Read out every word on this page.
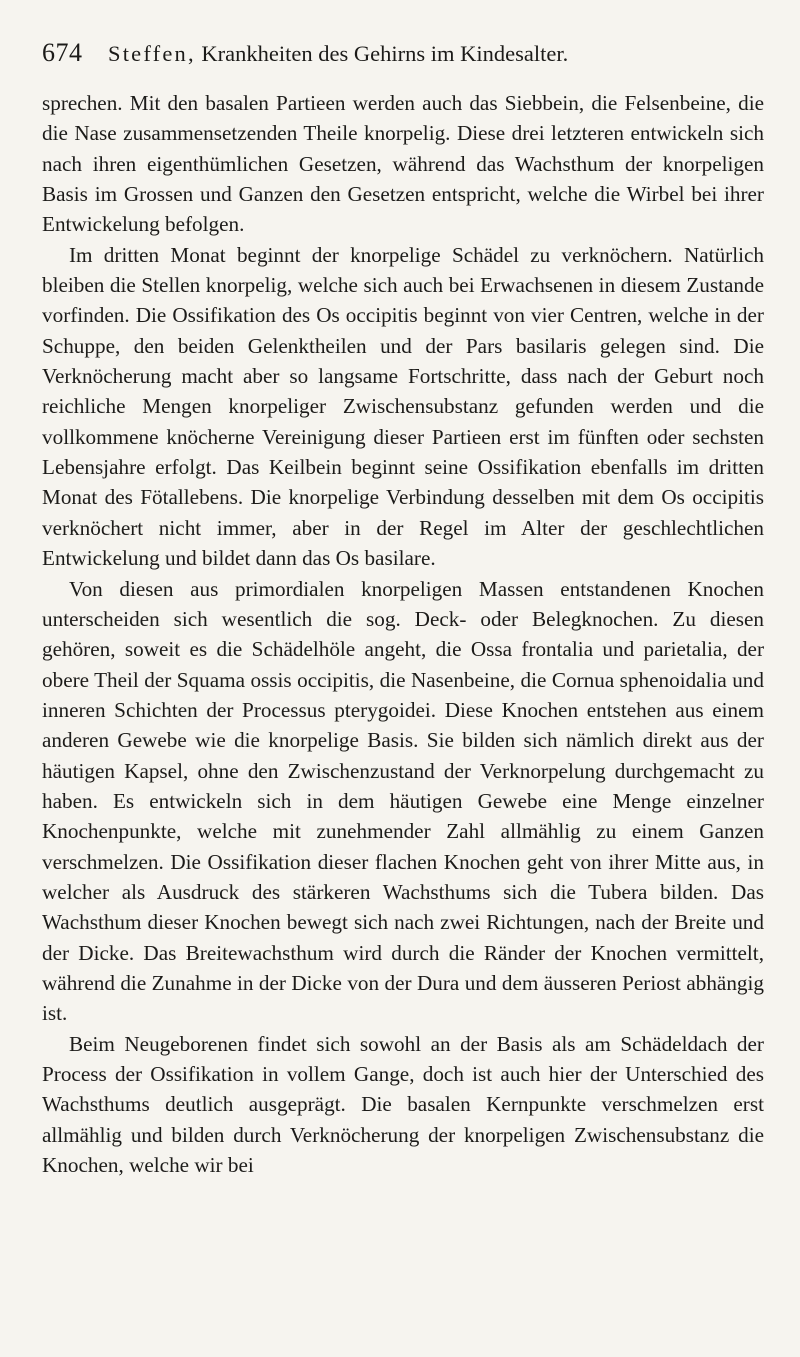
674	Steffen, Krankheiten des Gehirns im Kindesalter.

sprechen. Mit den basalen Partieen werden auch das Siebbein, die Felsenbeine, die die Nase zusammensetzenden Theile knorpelig. Diese drei letzteren entwickeln sich nach ihren eigenthümlichen Gesetzen, während das Wachsthum der knorpeligen Basis im Grossen und Ganzen den Gesetzen entspricht, welche die Wirbel bei ihrer Entwickelung befolgen.

Im dritten Monat beginnt der knorpelige Schädel zu verknöchern. Natürlich bleiben die Stellen knorpelig, welche sich auch bei Erwachsenen in diesem Zustande vorfinden. Die Ossifikation des Os occipitis beginnt von vier Centren, welche in der Schuppe, den beiden Gelenktheilen und der Pars basilaris gelegen sind. Die Verknöcherung macht aber so langsame Fortschritte, dass nach der Geburt noch reichliche Mengen knorpeliger Zwischensubstanz gefunden werden und die vollkommene knöcherne Vereinigung dieser Partieen erst im fünften oder sechsten Lebensjahre erfolgt. Das Keilbein beginnt seine Ossifikation ebenfalls im dritten Monat des Fötallebens. Die knorpelige Verbindung desselben mit dem Os occipitis verknöchert nicht immer, aber in der Regel im Alter der geschlechtlichen Entwickelung und bildet dann das Os basilare.

Von diesen aus primordialen knorpeligen Massen entstandenen Knochen unterscheiden sich wesentlich die sog. Deck- oder Belegknochen. Zu diesen gehören, soweit es die Schädelhöle angeht, die Ossa frontalia und parietalia, der obere Theil der Squama ossis occipitis, die Nasenbeine, die Cornua sphenoidalia und inneren Schichten der Processus pterygoidei. Diese Knochen entstehen aus einem anderen Gewebe wie die knorpelige Basis. Sie bilden sich nämlich direkt aus der häutigen Kapsel, ohne den Zwischenzustand der Verknorpelung durchgemacht zu haben. Es entwickeln sich in dem häutigen Gewebe eine Menge einzelner Knochenpunkte, welche mit zunehmender Zahl allmählig zu einem Ganzen verschmelzen. Die Ossifikation dieser flachen Knochen geht von ihrer Mitte aus, in welcher als Ausdruck des stärkeren Wachsthums sich die Tubera bilden. Das Wachsthum dieser Knochen bewegt sich nach zwei Richtungen, nach der Breite und der Dicke. Das Breitewachsthum wird durch die Ränder der Knochen vermittelt, während die Zunahme in der Dicke von der Dura und dem äusseren Periost abhängig ist.

Beim Neugeborenen findet sich sowohl an der Basis als am Schädeldach der Process der Ossifikation in vollem Gange, doch ist auch hier der Unterschied des Wachsthums deutlich ausgeprägt. Die basalen Kernpunkte verschmelzen erst allmählig und bilden durch Verknöcherung der knorpeligen Zwischensubstanz die Knochen, welche wir bei
